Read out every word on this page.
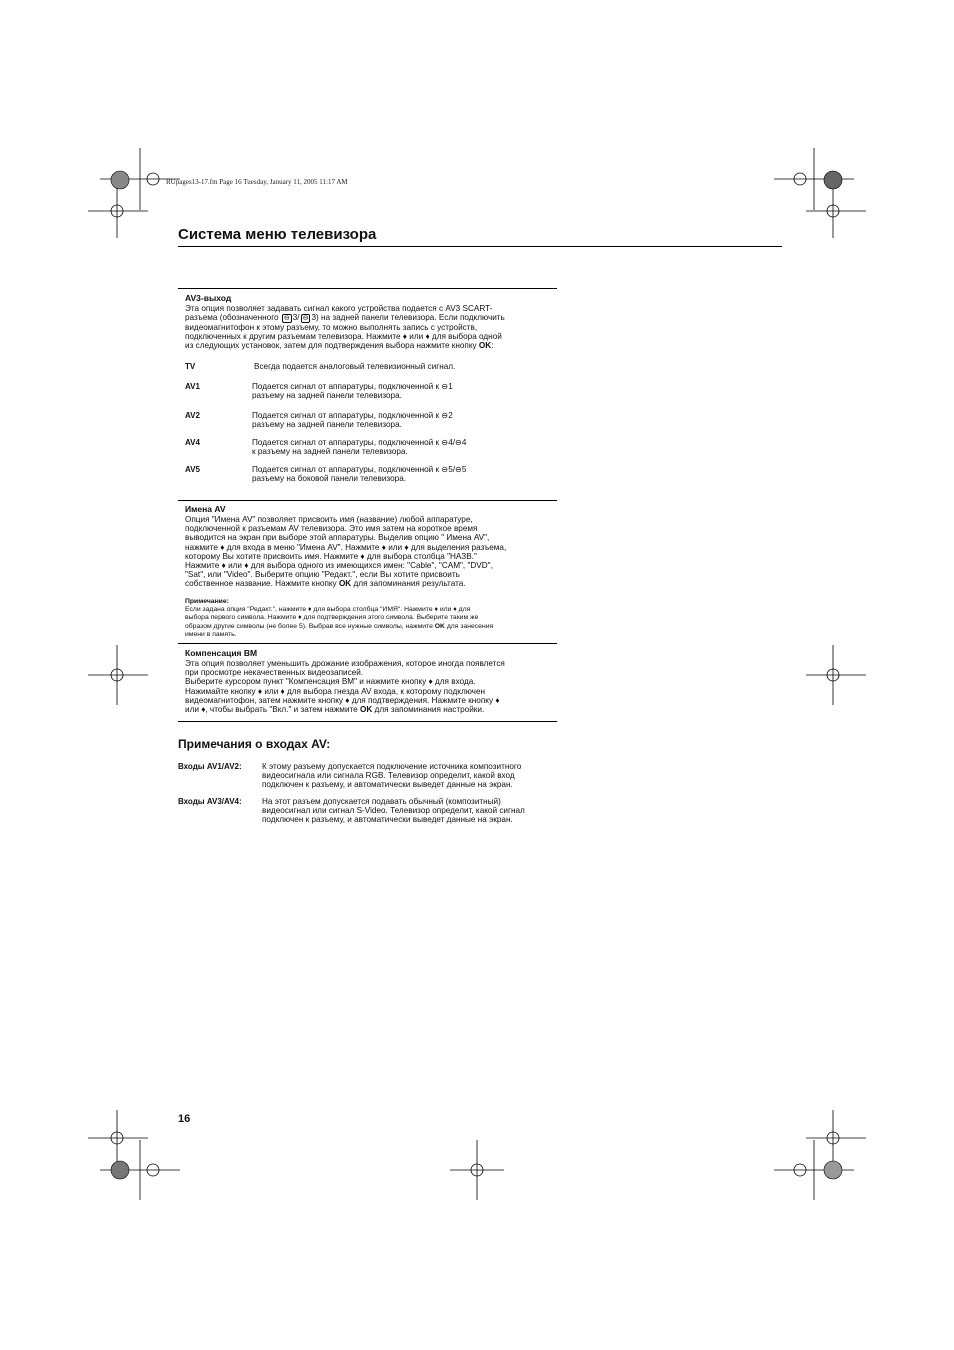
RUpages13-17.fm Page 16 Tuesday, January 11, 2005 11:17 AM
Система меню телевизора
AV3-выход
Эта опция позволяет задавать сигнал какого устройства подается с AV3 SCART-
разъема (обозначенного ⊖ 3/ ⊖ 3) на задней панели телевизора. Если подключить
видеомагнитофон к этому разъему, то можно выполнять запись с устройств,
подключенных к другим разъемам телевизора. Нажмите ♦ или ♦ для выбора одной
из следующих установок, затем для подтверждения выбора нажмите кнопку OK:
TV	Всегда подается аналоговый телевизионный сигнал.
AV1	Подается сигнал от аппаратуры, подключенной к ⊖1
разъему на задней панели телевизора.
AV2	Подается сигнал от аппаратуры, подключенной к ⊖2
разъему на задней панели телевизора.
AV4	Подается сигнал от аппаратуры, подключенной к ⊖4/⊖4
к разъему на задней панели телевизора.
AV5	Подается сигнал от аппаратуры, подключенной к ⊖5/⊖5
разъему на боковой панели телевизора.
Имена AV
Опция "Имена AV" позволяет присвоить имя (название) любой аппаратуре,
подключенной к разъемам AV телевизора. Это имя затем на короткое время
выводится на экран при выборе этой аппаратуры. Выделив опцию " Имена AV",
нажмите ♦ для входа в меню "Имена AV". Нажмите ♦ или ♦ для выделения разъема,
которому Вы хотите присвоить имя. Нажмите ♦ для выбора столбца "НАЗВ."
Нажмите ♦ или ♦ для выбора одного из имеющихся имен: "Cable", "CAM", "DVD",
"Sat", или "Video". Выберите опцию "Редакт.", если Вы хотите присвоить
собственное название. Нажмите кнопку OK для запоминания результата.
Примечание:
Если задана опция "Редакт.", нажмите ♦ для выбора столбца "ИМЯ". Нажмите ♦ или ♦ для
выбора первого символа. Нажмите ♦ для подтверждения этого символа. Выберите таким же
образом другие символы (не более 5). Выбрав все нужные символы, нажмите OK для занесения
имени в память.
Компенсация ВМ
Эта опция позволяет уменьшить дрожание изображения, которое иногда появлется
при просмотре некачественных видеозаписей.
Выберите курсором пункт "Компенсация ВМ" и нажмите кнопку ♦ для входа.
Нажимайте кнопку ♦ или ♦ для выбора гнезда AV входа, к которому подключен
видеомагнитофон, затем нажмите кнопку ♦ для подтверждения. Нажмите кнопку ♦
или ♦, чтобы выбрать "Вкл." и затем нажмите OK для запоминания настройки.
Примечания о входах AV:
Входы AV1/AV2: К этому разъему допускается подключение источника композитного
видеосигнала или сигнала RGB. Телевизор определит, какой вход
подключен к разъему, и автоматически выведет данные на экран.
Входы AV3/AV4: На этот разъем допускается подавать обычный (композитный)
видеосигнал или сигнал S-Video. Телевизор определит, какой сигнал
подключен к разъему, и автоматически выведет данные на экран.
16
